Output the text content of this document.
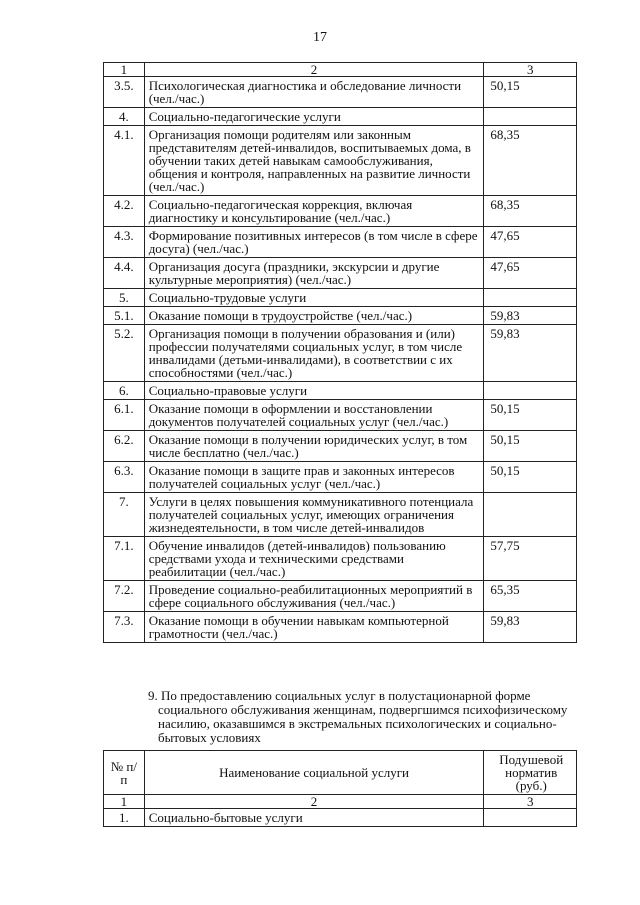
17
1	2	3
3.5.	Психологическая диагностика и обследование личности (чел./час.)	50,15
4.	Социально-педагогические услуги	
4.1.	Организация помощи родителям или законным представителям детей-инвалидов, воспитываемых дома, в обучении таких детей навыкам самообслуживания, общения и контроля, направленных на развитие личности (чел./час.)	68,35
4.2.	Социально-педагогическая коррекция, включая диагностику и консультирование (чел./час.)	68,35
4.3.	Формирование позитивных интересов (в том числе в сфере досуга) (чел./час.)	47,65
4.4.	Организация досуга (праздники, экскурсии и другие культурные мероприятия) (чел./час.)	47,65
5.	Социально-трудовые услуги	
5.1.	Оказание помощи в трудоустройстве (чел./час.)	59,83
5.2.	Организация помощи в получении образования и (или) профессии получателями социальных услуг, в том числе инвалидами (детьми-инвалидами), в соответствии с их способностями (чел./час.)	59,83
6.	Социально-правовые услуги	
6.1.	Оказание помощи в оформлении и восстановлении документов получателей социальных услуг (чел./час.)	50,15
6.2.	Оказание помощи в получении юридических услуг, в том числе бесплатно (чел./час.)	50,15
6.3.	Оказание помощи в защите прав и законных интересов получателей социальных услуг (чел./час.)	50,15
7.	Услуги в целях повышения коммуникативного потенциала получателей социальных услуг, имеющих ограничения жизнедеятельности, в том числе детей-инвалидов	
7.1.	Обучение инвалидов (детей-инвалидов) пользованию средствами ухода и техническими средствами реабилитации (чел./час.)	57,75
7.2.	Проведение социально-реабилитационных мероприятий в сфере социального обслуживания (чел./час.)	65,35
7.3.	Оказание помощи в обучении навыкам компьютерной грамотности (чел./час.)	59,83
9. По предоставлению социальных услуг в полустационарной форме
социального обслуживания женщинам, подвергшимся психофизическому насилию, оказавшимся в экстремальных психологических и социально-бытовых условиях
№ п/п	Наименование социальной услуги	Подушевой норматив (руб.)
1	2	3
1.	Социально-бытовые услуги	
